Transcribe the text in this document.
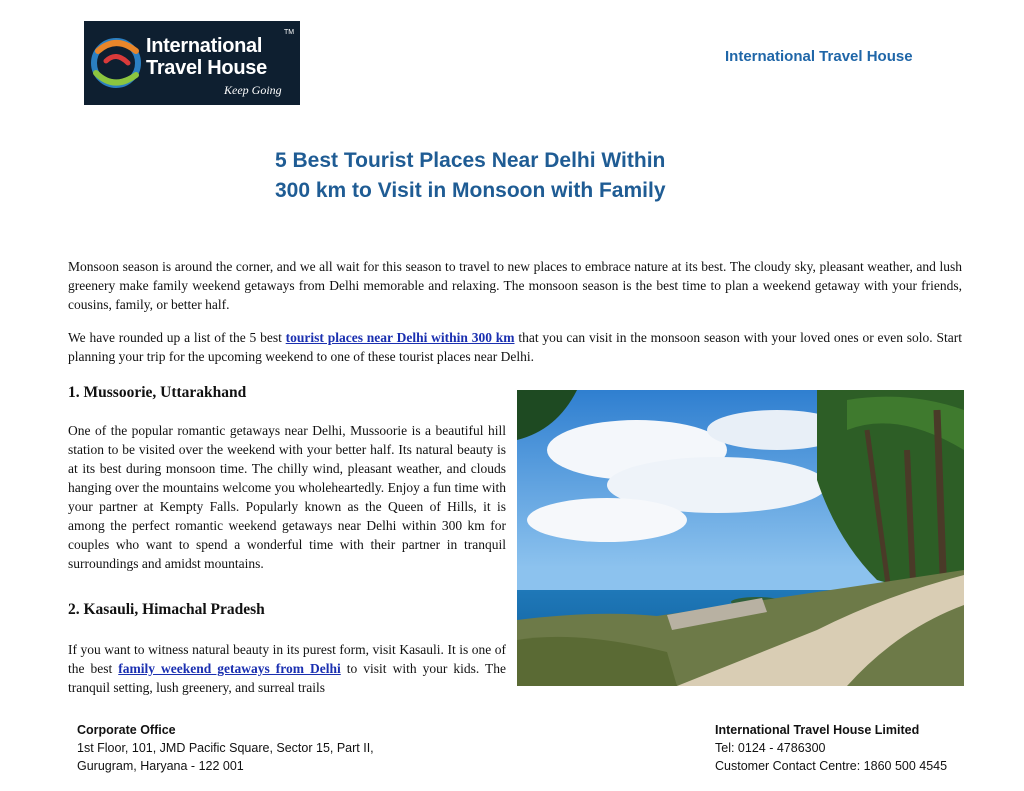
TM
International
Travel House
Keep Going
International Travel House
5 Best Tourist Places Near Delhi Within
300 km to Visit in Monsoon with Family
Monsoon season is around the corner, and we all wait for this season to travel to new places to embrace nature at its best. The cloudy sky, pleasant weather, and lush greenery make family weekend getaways from Delhi memorable and relaxing. The monsoon season is the best time to plan a weekend getaway with your friends, cousins, family, or better half.
We have rounded up a list of the 5 best tourist places near Delhi within 300 km that you can visit in the monsoon season with your loved ones or even solo. Start planning your trip for the upcoming weekend to one of these tourist places near Delhi.
1. Mussoorie, Uttarakhand
One of the popular romantic getaways near Delhi, Mussoorie is a beautiful hill station to be visited over the weekend with your better half. Its natural beauty is at its best during monsoon time. The chilly wind, pleasant weather, and clouds hanging over the mountains welcome you wholeheartedly. Enjoy a fun time with your partner at Kempty Falls. Popularly known as the Queen of Hills, it is among the perfect romantic weekend getaways near Delhi within 300 km for couples who want to spend a wonderful time with their partner in tranquil surroundings and amidst mountains.
2. Kasauli, Himachal Pradesh
If you want to witness natural beauty in its purest form, visit Kasauli. It is one of the best family weekend getaways from Delhi to visit with your kids. The tranquil setting, lush greenery, and surreal trails
Corporate Office
1st Floor, 101, JMD Pacific Square, Sector 15, Part II,
Gurugram, Haryana - 122 001
International Travel House Limited
Tel: 0124 - 4786300
Customer Contact Centre: 1860 500 4545
